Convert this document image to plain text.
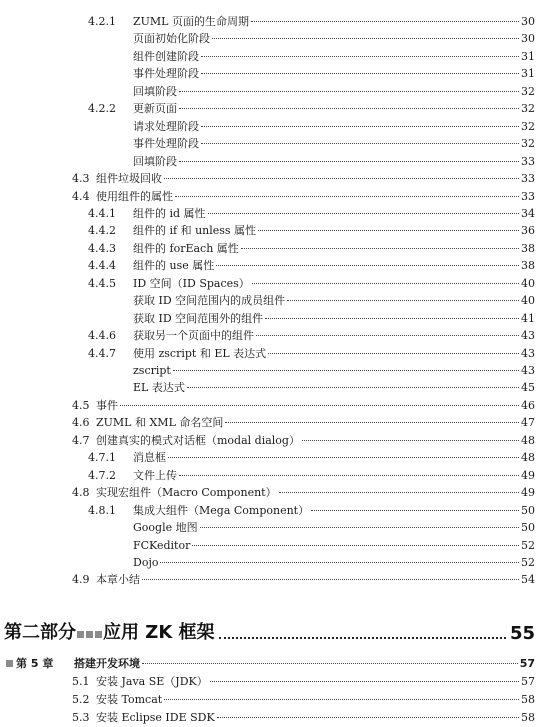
4.2.1	ZUML 页面的生命周期	30
页面初始化阶段	30
组件创建阶段	31
事件处理阶段	31
回填阶段	32
4.2.2	更新页面	32
请求处理阶段	32
事件处理阶段	32
回填阶段	33
4.3 组件垃圾回收	33
4.4 使用组件的属性	33
4.4.1	组件的 id 属性	34
4.4.2	组件的 if 和 unless 属性	36
4.4.3	组件的 forEach 属性	38
4.4.4	组件的 use 属性	38
4.4.5	ID 空间（ID Spaces）	40
获取 ID 空间范围内的成员组件	40
获取 ID 空间范围外的组件	41
4.4.6	获取另一个页面中的组件	43
4.4.7	使用 zscript 和 EL 表达式	43
zscript	43
EL 表达式	45
4.5 事件	46
4.6 ZUML 和 XML 命名空间	47
4.7 创建真实的模式对话框（modal dialog）	48
4.7.1	消息框	48
4.7.2	文件上传	49
4.8 实现宏组件（Macro Component）	49
4.8.1	集成大组件（Mega Component）	50
Google 地图	50
FCKeditor	52
Dojo	52
4.9 本章小结	54
第二部分 应用 ZK 框架	55
第 5 章 搭建开发环境	57
5.1 安装 Java SE（JDK）	57
5.2 安装 Tomcat	58
5.3 安装 Eclipse IDE SDK	58
